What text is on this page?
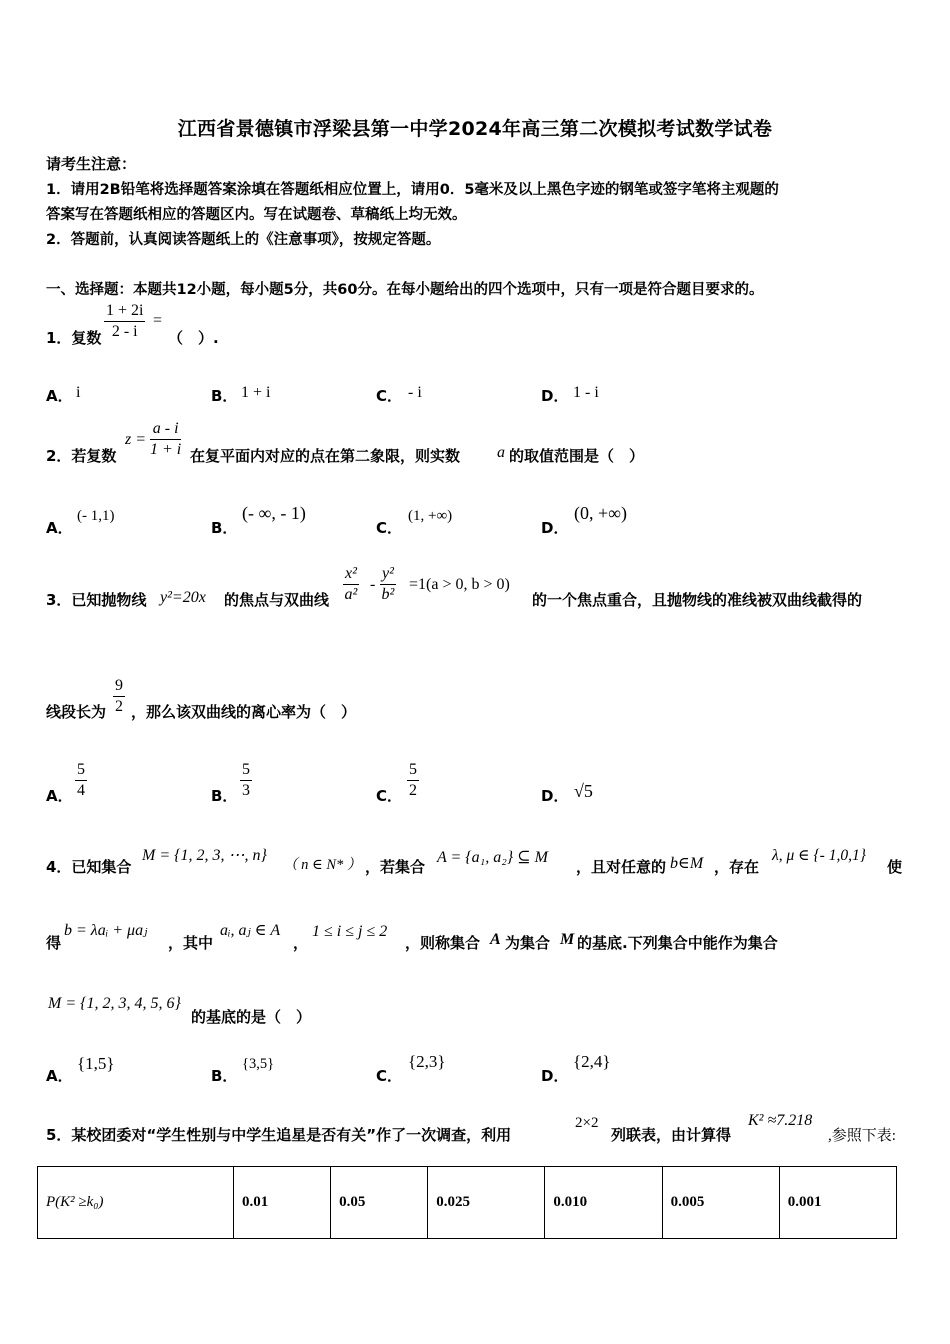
江西省景德镇市浮梁县第一中学2024年高三第二次模拟考试数学试卷
请考生注意：
1．请用2B铅笔将选择题答案涂填在答题纸相应位置上，请用0．5毫米及以上黑色字迹的钢笔或签字笔将主观题的
答案写在答题纸相应的答题区内。写在试题卷、草稿纸上均无效。
2．答题前，认真阅读答题纸上的《注意事项》，按规定答题。
一、选择题：本题共12小题，每小题5分，共60分。在每小题给出的四个选项中，只有一项是符合题目要求的。
1．复数 $\frac{1 + 2i}{2 - i}$ =
（　）.
A． i	B． 1 + i	C． - i	D． 1 - i
2．若复数
$z = \frac{a - i}{1 + i}$ 在复平面内对应的点在第二象限，则实数 a 的取值范围是（　）
A．
(- 1,1)
B．
(- ∞, - 1)
C．
(1, +∞)
D．
(0, +∞)
3．已知抛物线 y²=20x 的焦点与双曲线 $\frac{\text{x²}}{\text{a²}} - \frac{\text{y²}}{\text{b²}} =1(a > 0$, b > 0)
的一个焦点重合，且抛物线的准线被双曲线截得的
线段长为 $\frac{9}{2}$ ，那么该双曲线的离心率为（　）
A． $\frac{5}{4}$	B． $\frac{5}{3}$	C． $\frac{5}{2}$	D． √5
4．已知集合
M = {1, 2, 3, ⋯, n}
（ n ∈ N* ） ，若集合
A = {a₁, a₂} ⊆ M
，且对任意的 b∈M ，存在
λ, μ ∈ {- 1,0,1}
使
得
b = λaᵢ + μaⱼ
，其中
aᵢ, aⱼ ∈ A
，
1 ≤ i ≤ j ≤ 2
，则称集合 A 为集合 M 的基底.下列集合中能作为集合
M = {1, 2, 3, 4, 5, 6}
的基底的是（　）
A．
{1,5}
B．
{3,5}
C．
{2,3}
D．
{2,4}
5．某校团委对“学生性别与中学生追星是否有关”作了一次调查，利用
2×2
列联表，由计算得
K² ≈7.218
,参照下表:
P(K² ≥k₀)	0.01	0.05	0.025	0.010	0.005	0.001
